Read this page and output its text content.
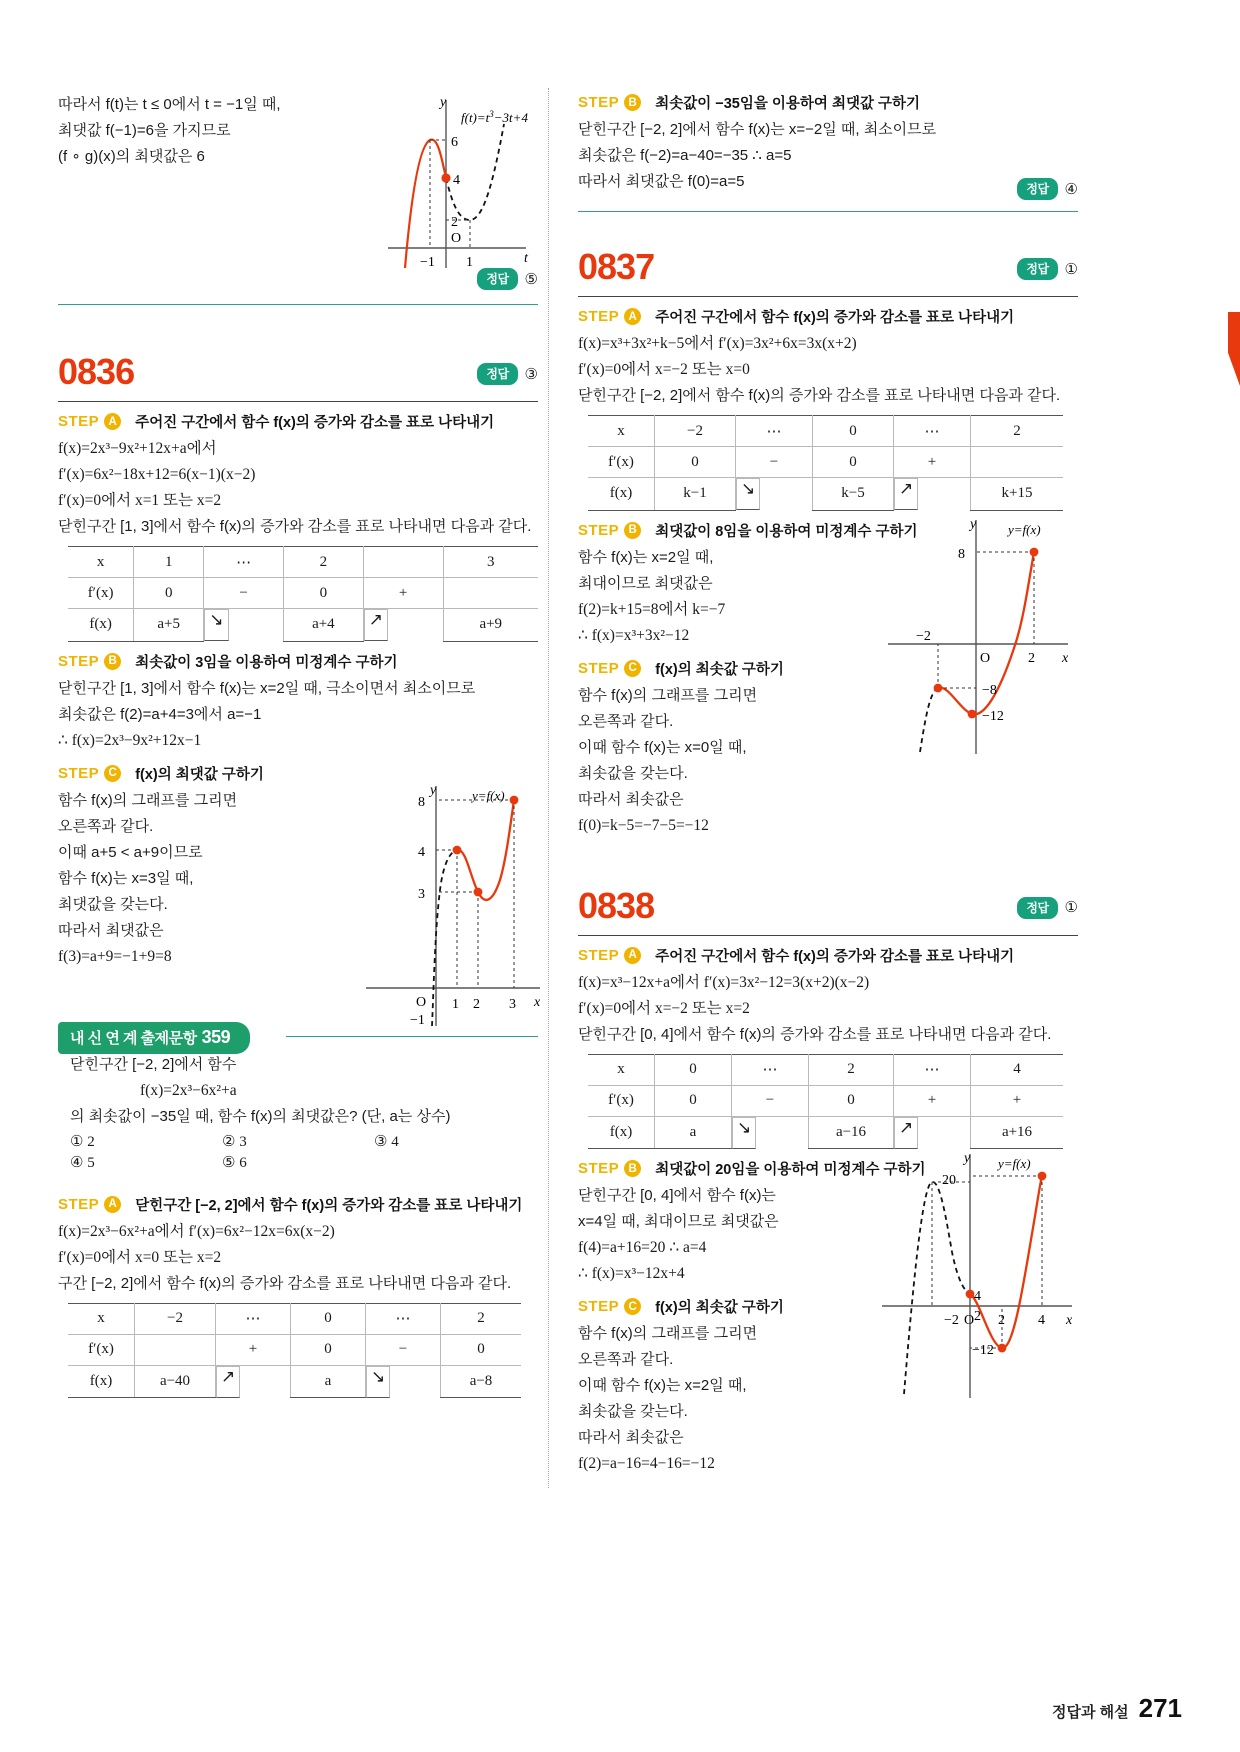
따라서 f(t)는 t ≤ 0에서 t = −1일 때,
최댓값 f(−1)=6을 가지므로
(f ∘ g)(x)의 최댓값은 6
y
t
6
4
2
O
−1 1
$f(t)=t^3-3t+4$
정답	⑤
0836	정답	③
STEP A 주어진 구간에서 함수 f(x)의 증가와 감소를 표로 나타내기
f(x)=2x³−9x²+12x+a에서
f′(x)=6x²−18x+12=6(x−1)(x−2)
f′(x)=0에서 x=1 또는 x=2
닫힌구간 [1, 3]에서 함수 f(x)의 증가와 감소를 표로 나타내면 다음과 같다.
x	1	⋯	2		3
f′(x)	0	−	0	+	
f(x)	a+5	↘	a+4	↗	a+9
STEP B 최솟값이 3임을 이용하여 미정계수 구하기
닫힌구간 [1, 3]에서 함수 f(x)는 x=2일 때, 극소이면서 최소이므로
최솟값은 f(2)=a+4=3에서 a=−1
∴ f(x)=2x³−9x²+12x−1
STEP C f(x)의 최댓값 구하기
함수 f(x)의 그래프를 그리면
오른쪽과 같다.
이때 a+5 < a+9이므로
함수 f(x)는 x=3일 때,
최댓값을 갖는다.
따라서 최댓값은
f(3)=a+9=−1+9=8
y
x
y=f(x)
8
4
3
O
−1
1 2 3
내 신 연 계 출제문항 359
닫힌구간 [−2, 2]에서 함수
f(x)=2x³−6x²+a
의 최솟값이 −35일 때, 함수 f(x)의 최댓값은? (단, a는 상수)
① 2	② 3	③ 4
④ 5	⑤ 6
STEP A 닫힌구간 [−2, 2]에서 함수 f(x)의 증가와 감소를 표로 나타내기
f(x)=2x³−6x²+a에서 f′(x)=6x²−12x=6x(x−2)
f′(x)=0에서 x=0 또는 x=2
구간 [−2, 2]에서 함수 f(x)의 증가와 감소를 표로 나타내면 다음과 같다.
x	−2	⋯	0	⋯	2
f′(x)		+	0	−	0
f(x)	a−40	↗	a	↘	a−8
STEP B 최솟값이 −35임을 이용하여 최댓값 구하기
닫힌구간 [−2, 2]에서 함수 f(x)는 x=−2일 때, 최소이므로
최솟값은 f(−2)=a−40=−35 ∴ a=5
따라서 최댓값은 f(0)=a=5	정답	④
0837	정답	①
STEP A 주어진 구간에서 함수 f(x)의 증가와 감소를 표로 나타내기
f(x)=x³+3x²+k−5에서 f′(x)=3x²+6x=3x(x+2)
f′(x)=0에서 x=−2 또는 x=0
닫힌구간 [−2, 2]에서 함수 f(x)의 증가와 감소를 표로 나타내면 다음과 같다.
x	−2	⋯	0	⋯	2
f′(x)	0	−	0	+	
f(x)	k−1	↘	k−5	↗	k+15
STEP B 최댓값이 8임을 이용하여 미정계수 구하기
함수 f(x)는 x=2일 때,
최대이므로 최댓값은
f(2)=k+15=8에서 k=−7
∴ f(x)=x³+3x²−12
STEP C f(x)의 최솟값 구하기
함수 f(x)의 그래프를 그리면
오른쪽과 같다.
이때 함수 f(x)는 x=0일 때,
최솟값을 갖는다.
따라서 최솟값은
f(0)=k−5=−7−5=−12
y
x
y=f(x)
8
−2
O	2
−8
−12
0838	정답	①
STEP A 주어진 구간에서 함수 f(x)의 증가와 감소를 표로 나타내기
f(x)=x³−12x+a에서 f′(x)=3x²−12=3(x+2)(x−2)
f′(x)=0에서 x=−2 또는 x=2
닫힌구간 [0, 4]에서 함수 f(x)의 증가와 감소를 표로 나타내면 다음과 같다.
x	0	⋯	2	⋯	4
f′(x)	0	−	0	+	+
f(x)	a	↘	a−16	↗	a+16
STEP B 최댓값이 20임을 이용하여 미정계수 구하기
닫힌구간 [0, 4]에서 함수 f(x)는
x=4일 때, 최대이므로 최댓값은
f(4)=a+16=20 ∴ a=4
∴ f(x)=x³−12x+4
STEP C f(x)의 최솟값 구하기
함수 f(x)의 그래프를 그리면
오른쪽과 같다.
이때 함수 f(x)는 x=2일 때,
최솟값을 갖는다.
따라서 최솟값은
f(2)=a−16=4−16=−12
y
x
y=f(x)
20
4
2
−2 O 2 4
−12
정답과 해설 271
